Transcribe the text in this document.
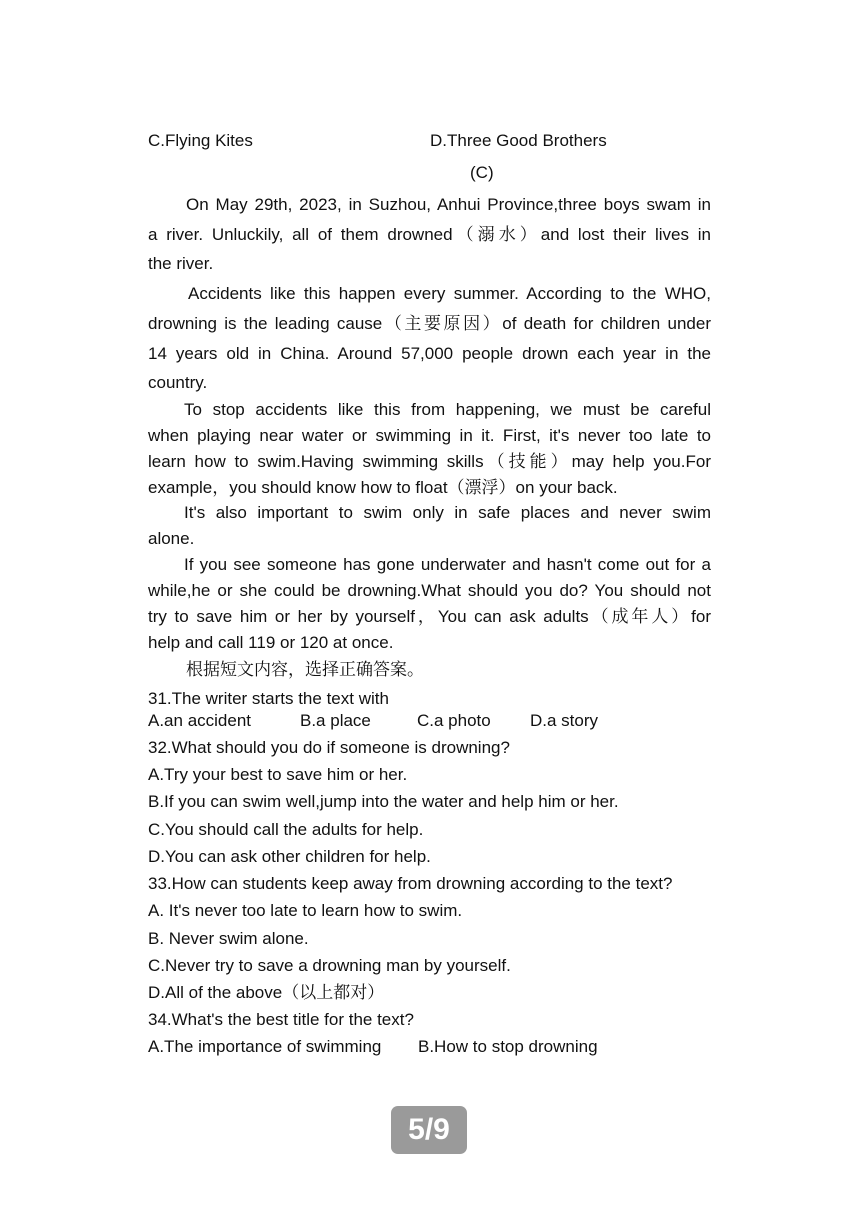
C.Flying Kites	D.Three Good Brothers
(C)
On May 29th, 2023, in Suzhou, Anhui Province,three boys swam in
a river. Unluckily, all of them drowned（溺水）and lost their lives in
the river.
Accidents like this happen every summer. According to the WHO,
drowning is the leading cause（主要原因）of death for children under
14 years old in China. Around 57,000 people drown each year in the
country.
To stop accidents like this from happening, we must be careful
when playing near water or swimming in it. First, it's never too late to
learn how to swim.Having swimming skills（技能）may help you.For
example，you should know how to float（漂浮）on your back.
It's also important to swim only in safe places and never swim
alone.
If you see someone has gone underwater and hasn't come out for a
while,he or she could be drowning.What should you do? You should not
try to save him or her by yourself，You can ask adults（成年人）for
help and call 119 or 120 at once.
根据短文内容，选择正确答案。
31.The writer starts the text with
A.an accident	B.a place	C.a photo D.a story
32.What should you do if someone is drowning?
A.Try your best to save him or her.
B.If you can swim well,jump into the water and help him or her.
C.You should call the adults for help.
D.You can ask other children for help.
33.How can students keep away from drowning according to the text?
A. It's never too late to learn how to swim.
B. Never swim alone.
C.Never try to save a drowning man by yourself.
D.All of the above（以上都对）
34.What's the best title for the text?
A.The importance of swimming B.How to stop drowning
5/9
